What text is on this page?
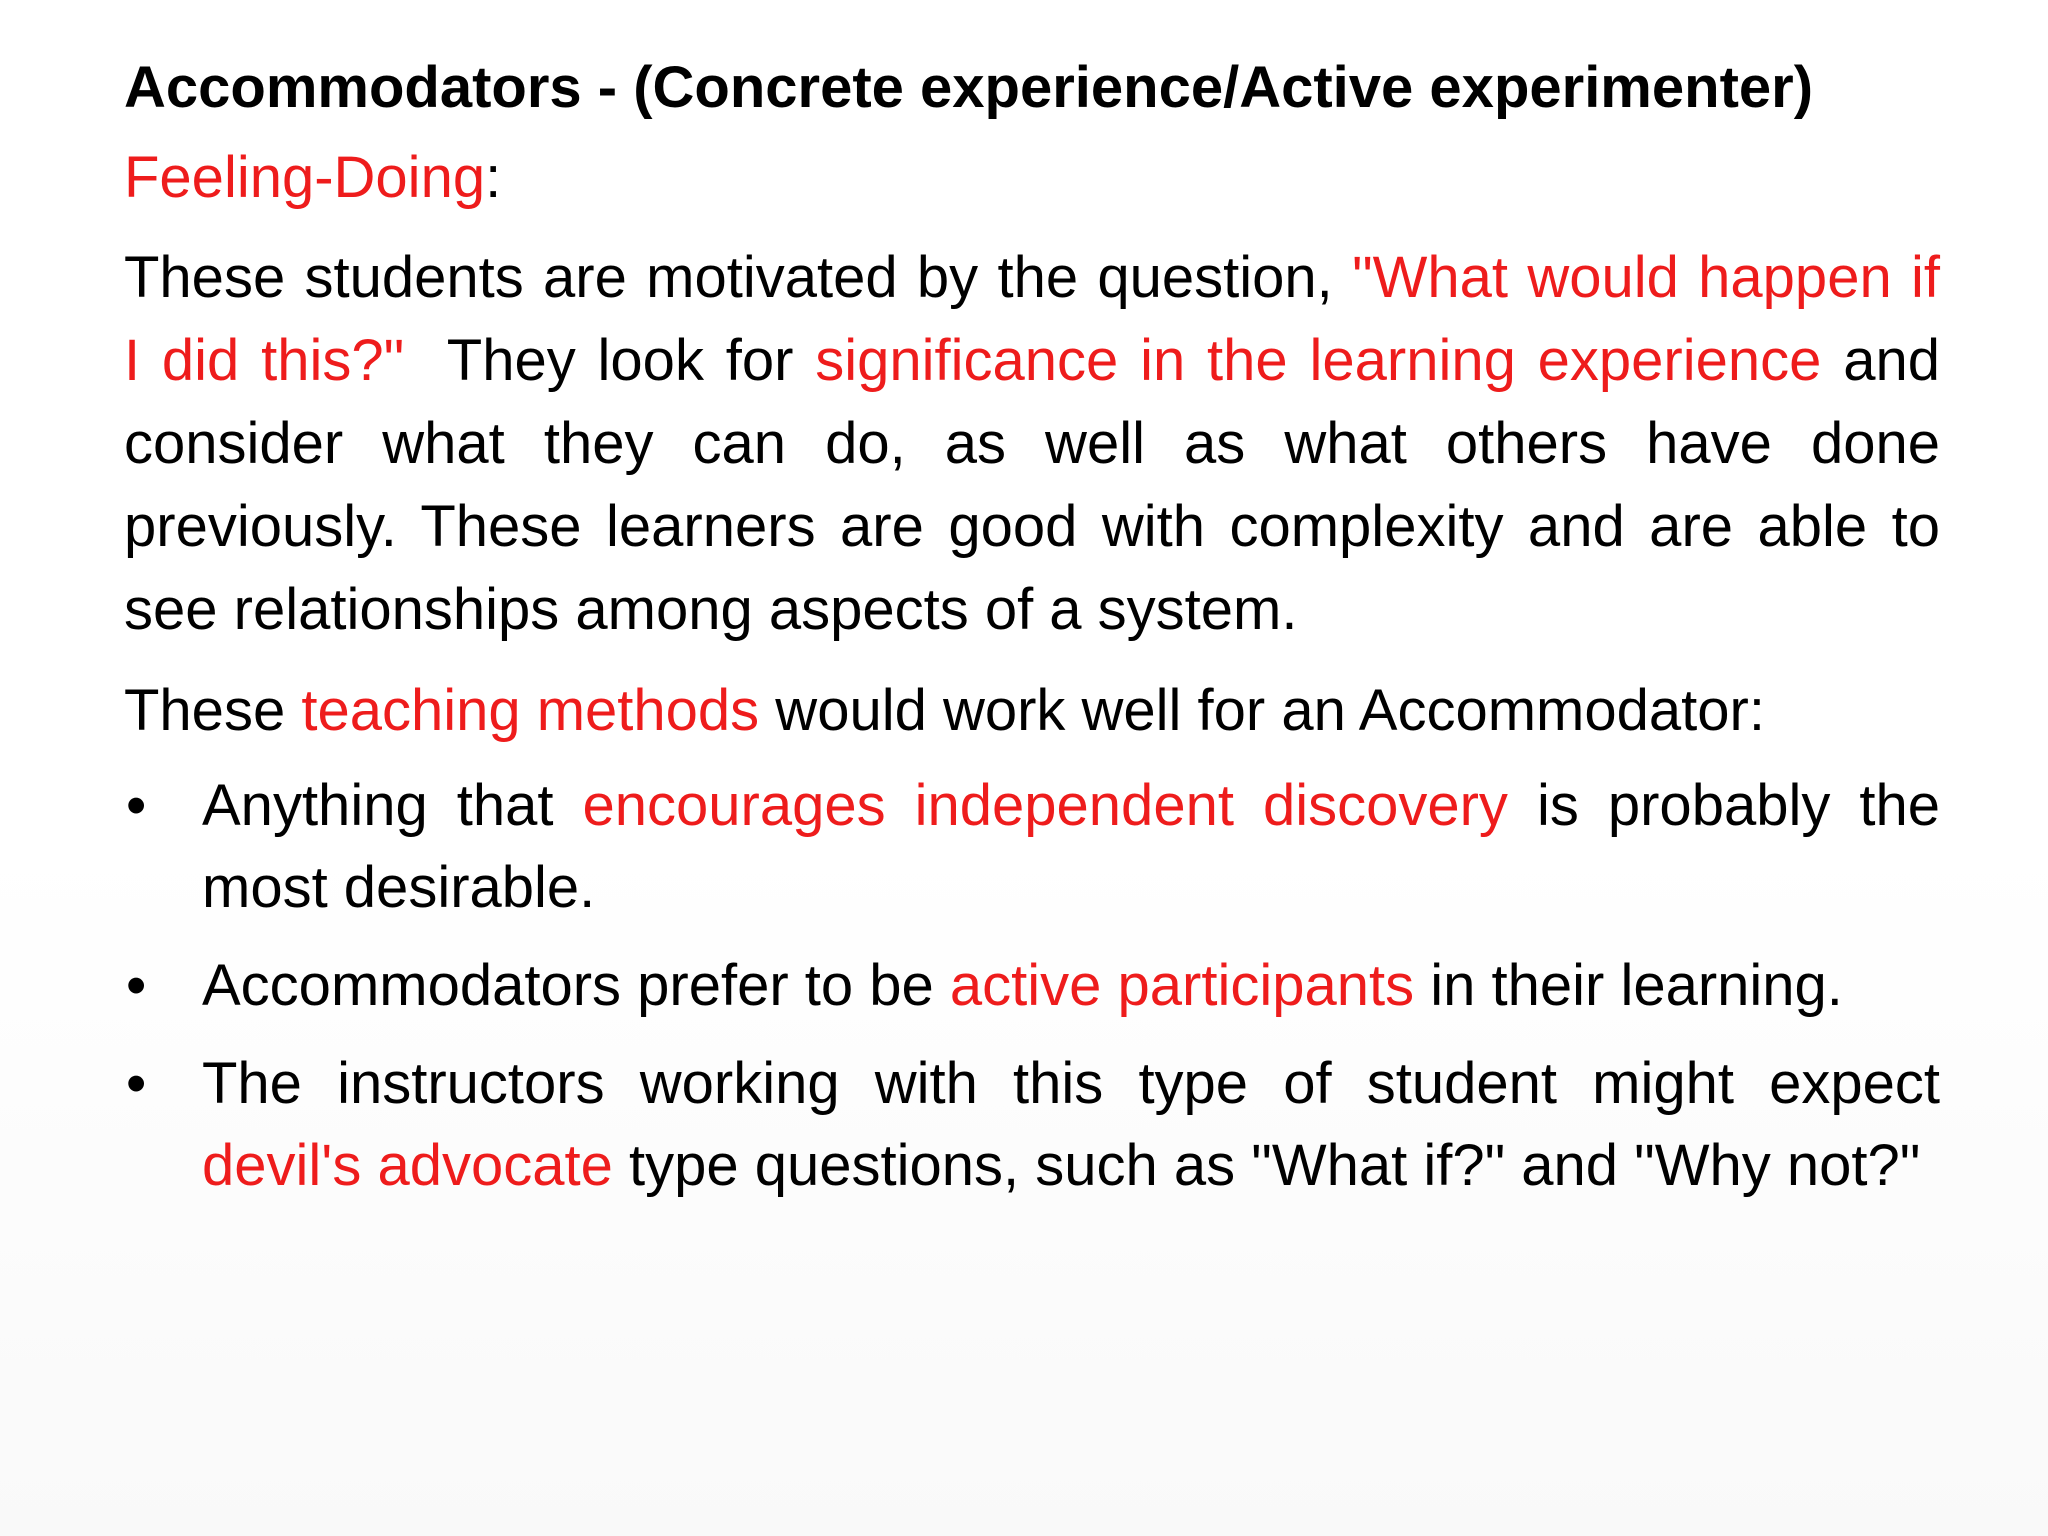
Accommodators - (Concrete experience/Active experimenter)

Feeling-Doing:

These students are motivated by the question, "What would happen if I did this?"  They look for significance in the learning experience and consider what they can do, as well as what others have done previously. These learners are good with complexity and are able to see relationships among aspects of a system.

These teaching methods would work well for an Accommodator:

• Anything that encourages independent discovery is probably the most desirable.
• Accommodators prefer to be active participants in their learning.
• The instructors working with this type of student might expect devil's advocate type questions, such as "What if?" and "Why not?"
